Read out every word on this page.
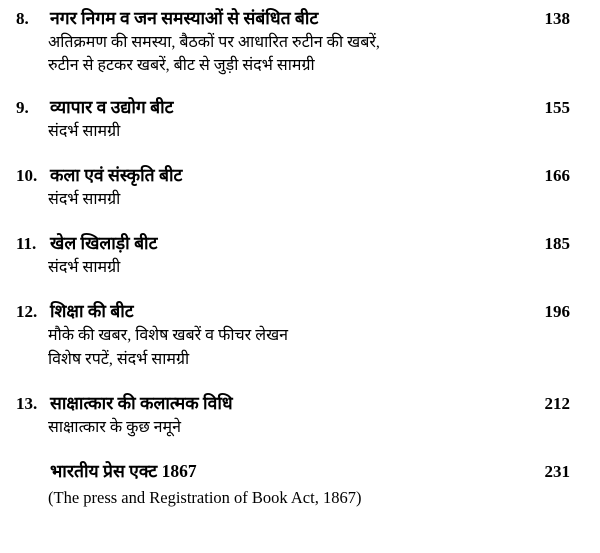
8.	नगर निगम व जन समस्याओं से संबंधित बीट	138
अतिक्रमण की समस्या, बैठकों पर आधारित रुटीन की खबरें,
रुटीन से हटकर खबरें, बीट से जुड़ी संदर्भ सामग्री
9.	व्यापार व उद्योग बीट	155
संदर्भ सामग्री
10. कला एवं संस्कृति बीट	166
संदर्भ सामग्री
11. खेल खिलाड़ी बीट	185
संदर्भ सामग्री
12. शिक्षा की बीट	196
मौके की खबर, विशेष खबरें व फीचर लेखन
विशेष रपटें, संदर्भ सामग्री
13. साक्षात्कार की कलात्मक विधि	212
साक्षात्कार के कुछ नमूने
भारतीय प्रेस एक्ट 1867	231
(The press and Registration of Book Act, 1867)
